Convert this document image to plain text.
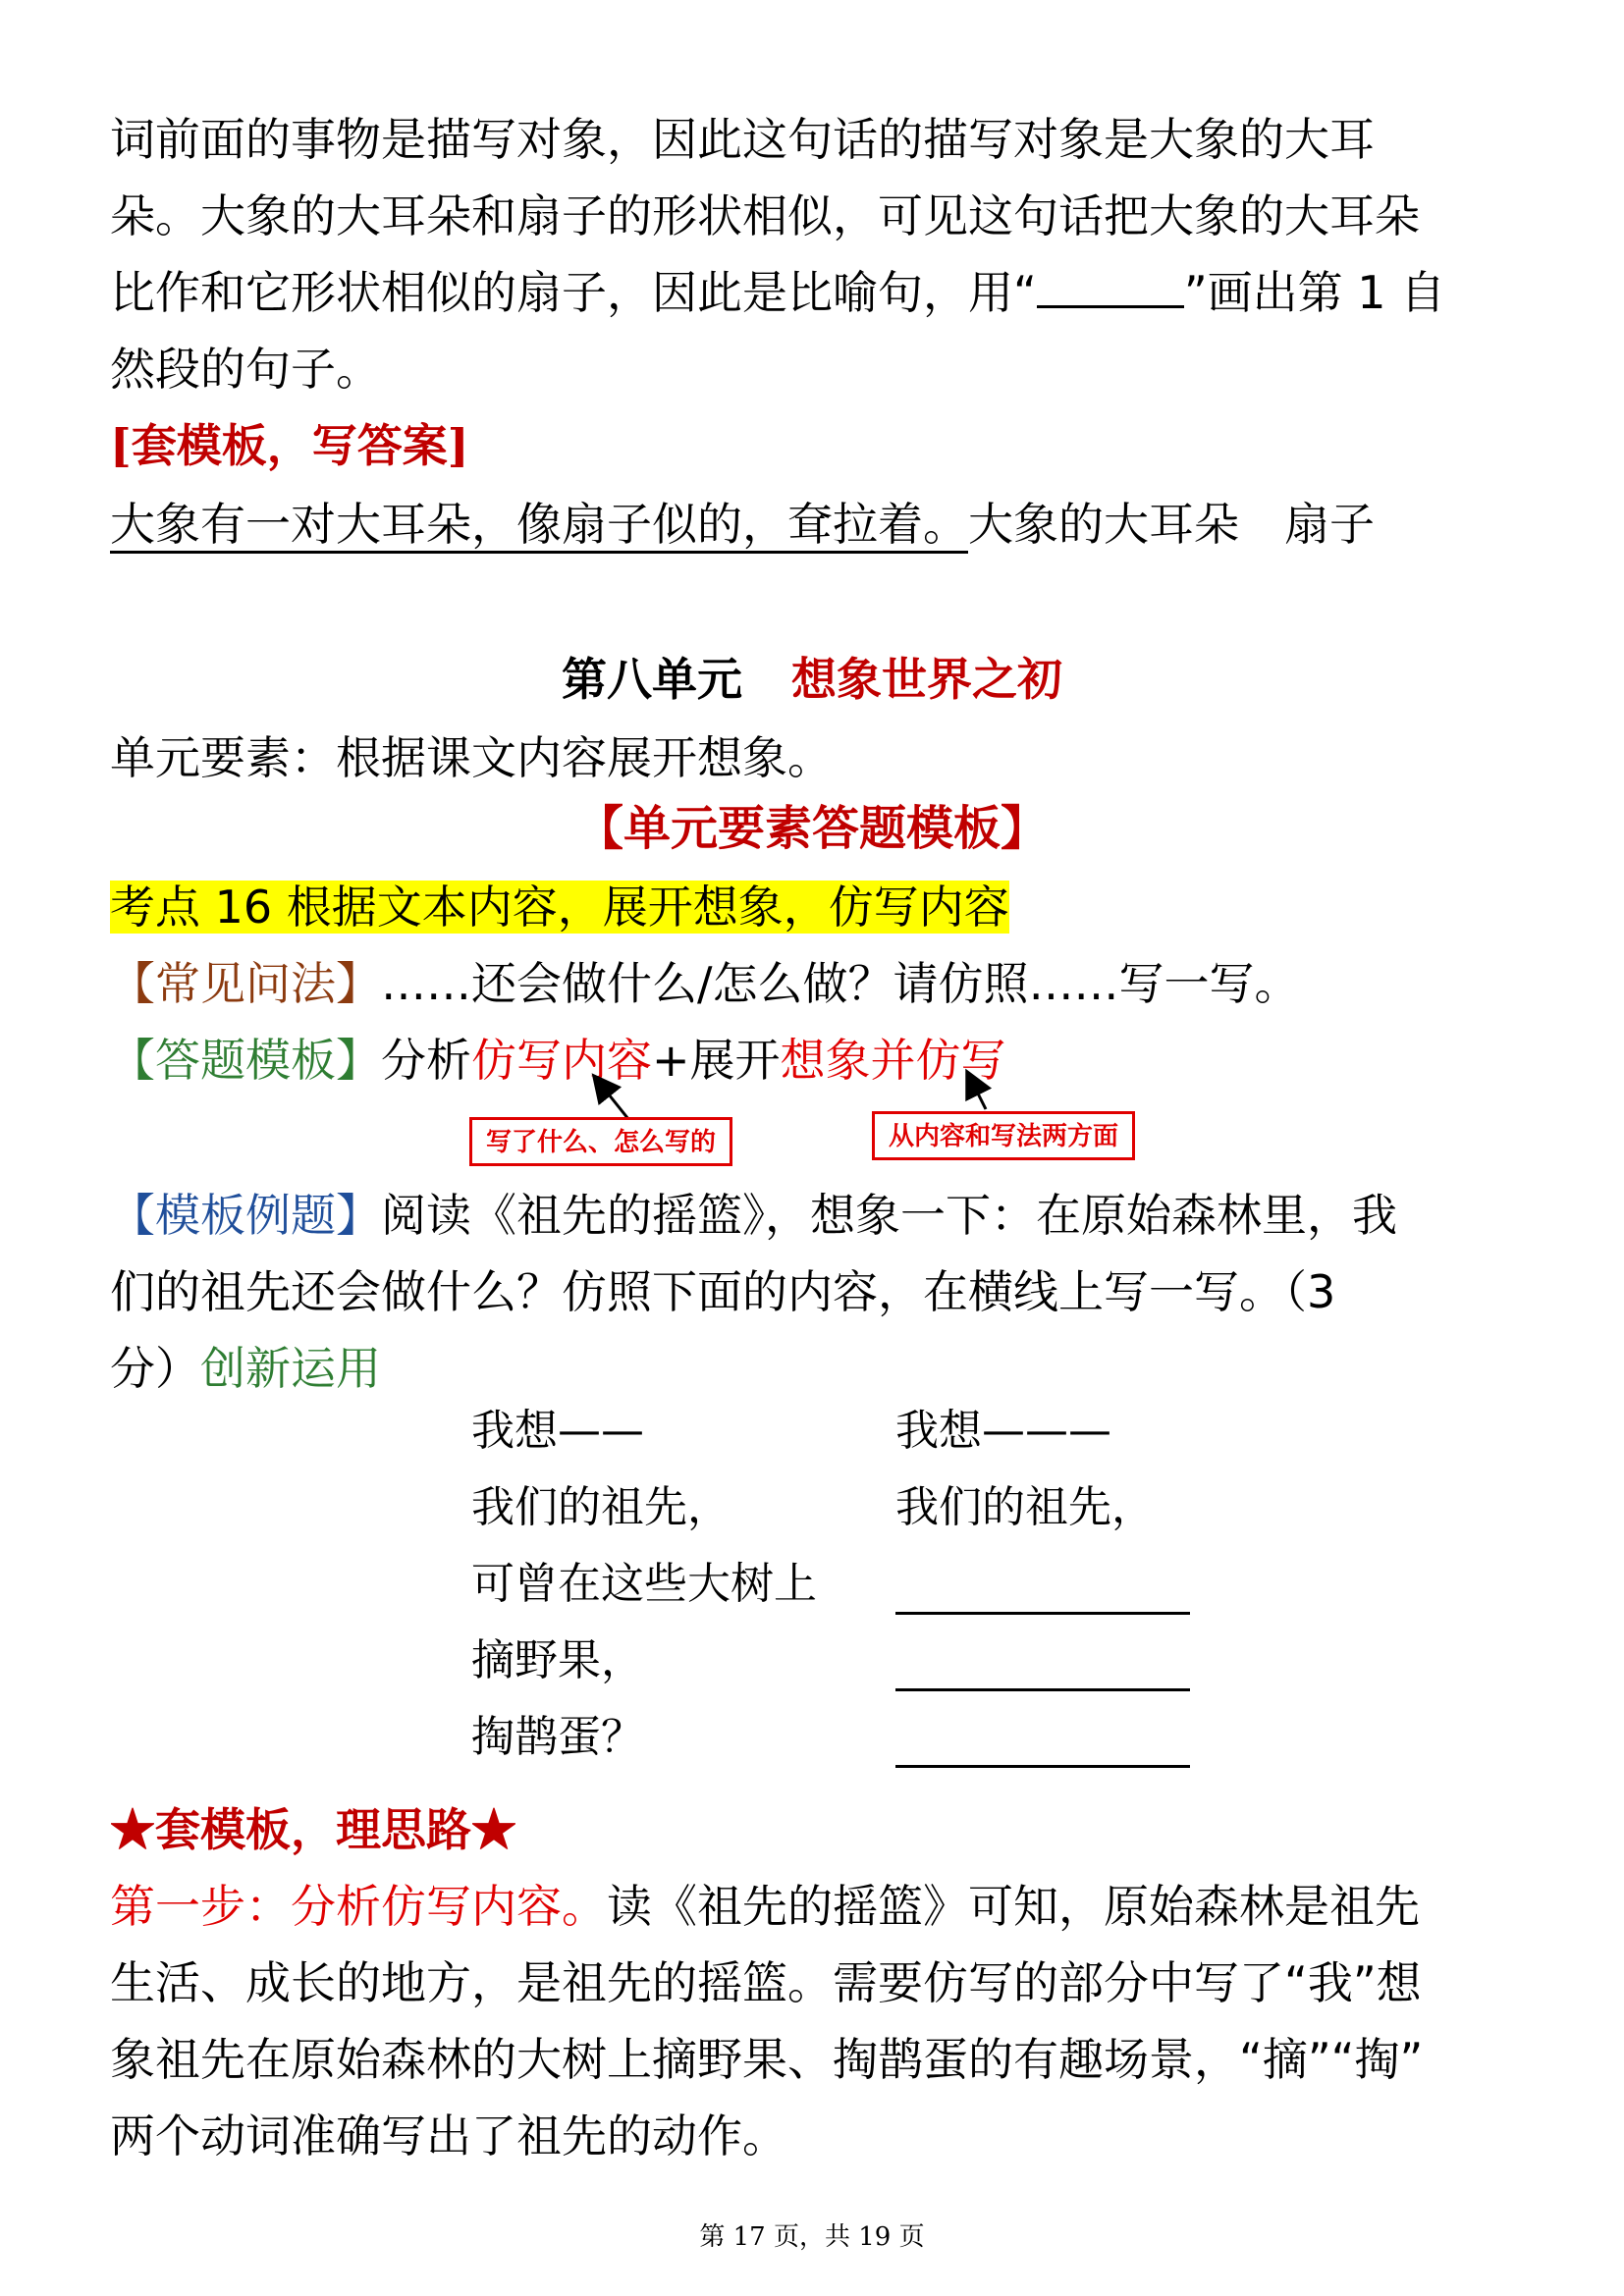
词前面的事物是描写对象，因此这句话的描写对象是大象的大耳
朵。大象的大耳朵和扇子的形状相似，可见这句话把大象的大耳朵
比作和它形状相似的扇子，因此是比喻句，用“	”画出第 1 自
然段的句子。
[套模板，写答案]
大象有一对大耳朵，像扇子似的，耷拉着。大象的大耳朵　扇子
第八单元 想象世界之初
单元要素：根据课文内容展开想象。
【单元要素答题模板】
考点 16 根据文本内容，展开想象，仿写内容
【常见问法】……还会做什么/怎么做？请仿照……写一写。
【答题模板】分析仿写内容+展开想象并仿写
写了什么、怎么写的	从内容和写法两方面
【模板例题】阅读《祖先的摇篮》，想象一下：在原始森林里，我
们的祖先还会做什么？仿照下面的内容，在横线上写一写。（3
分）创新运用
我想——
我们的祖先，
可曾在这些大树上
摘野果，
掏鹊蛋？
我想———
我们的祖先，
★套模板，理思路★
第一步：分析仿写内容。读《祖先的摇篮》可知，原始森林是祖先
生活、成长的地方，是祖先的摇篮。需要仿写的部分中写了“我”想
象祖先在原始森林的大树上摘野果、掏鹊蛋的有趣场景，“摘”“掏”
两个动词准确写出了祖先的动作。
第 17 页，共 19 页
